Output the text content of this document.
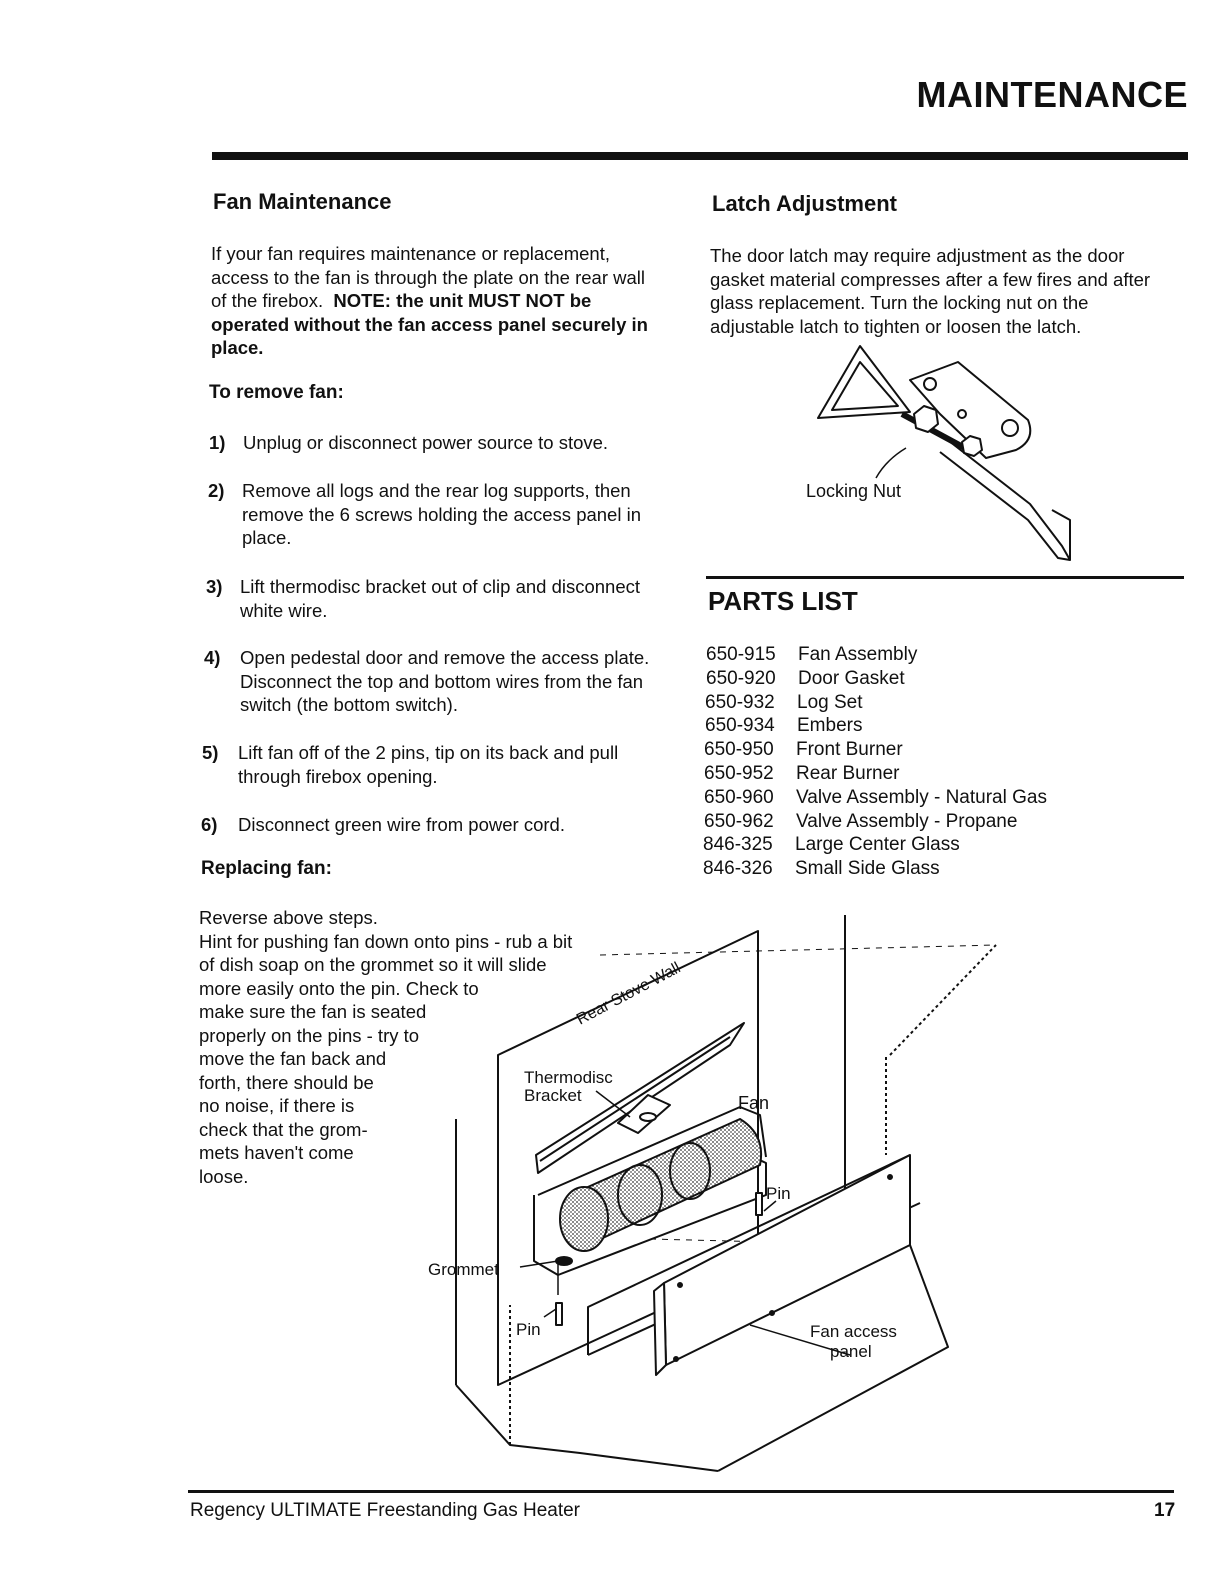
MAINTENANCE
Fan Maintenance
If your fan requires maintenance or replacement,
access to the fan is through the plate on the rear wall
of the firebox. NOTE: the unit MUST NOT be
operated without the fan access panel securely in
place.
To remove fan:
1) Unplug or disconnect power source to stove.
2) Remove all logs and the rear log supports, then remove the 6 screws holding the access panel in place.
3) Lift thermodisc bracket out of clip and disconnect white wire.
4) Open pedestal door and remove the access plate. Disconnect the top and bottom wires from the fan switch (the bottom switch).
5) Lift fan off of the 2 pins, tip on its back and pull through firebox opening.
6) Disconnect green wire from power cord.
Replacing fan:
Reverse above steps.
Hint for pushing fan down onto pins - rub a bit
of dish soap on the grommet so it will slide
more easily onto the pin. Check to
make sure the fan is seated
properly on the pins - try to
move the fan back and
forth, there should be
no noise, if there is
check that the grom-
mets haven't come
loose.
Latch Adjustment
The door latch may require adjustment as the door
gasket material compresses after a few fires and after
glass replacement. Turn the locking nut on the
adjustable latch to tighten or loosen the latch.
Locking Nut
PARTS LIST
650-915 Fan Assembly
650-920 Door Gasket
650-932 Log Set
650-934 Embers
650-950 Front Burner
650-952 Rear Burner
650-960 Valve Assembly - Natural Gas
650-962 Valve Assembly - Propane
846-325 Large Center Glass
846-326 Small Side Glass
Rear Stove Wall
Thermodisc
Bracket	Fan
Pin
Grommet
Pin	Fan access
panel
Regency ULTIMATE Freestanding Gas Heater	17
